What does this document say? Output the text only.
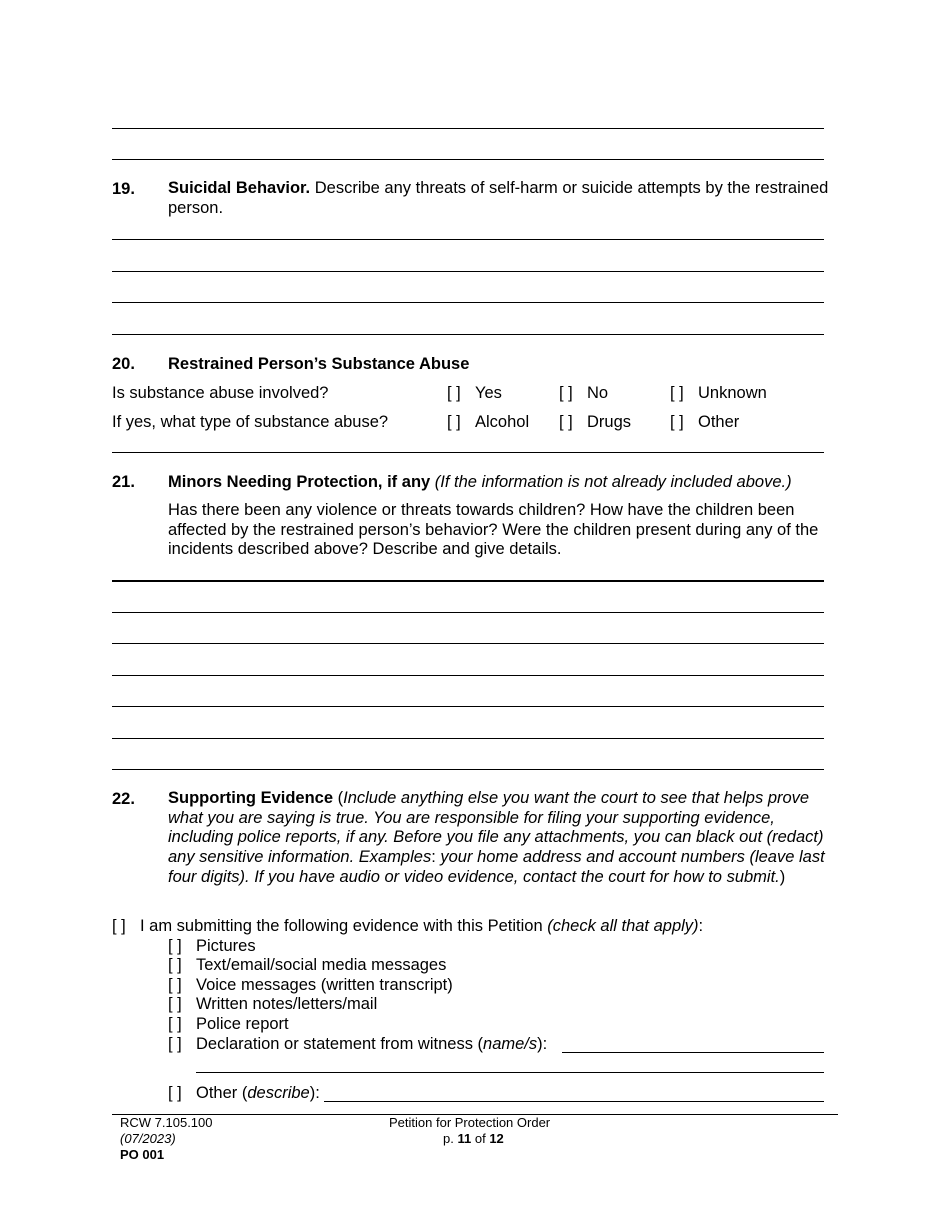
19. Suicidal Behavior. Describe any threats of self-harm or suicide attempts by the restrained person.
20. Restrained Person’s Substance Abuse
Is substance abuse involved?	[ ] Yes	[ ] No	[ ] Unknown
If yes, what type of substance abuse?	[ ] Alcohol [ ] Drugs [ ] Other
21. Minors Needing Protection, if any (If the information is not already included above.)
Has there been any violence or threats towards children? How have the children been affected by the restrained person’s behavior? Were the children present during any of the incidents described above? Describe and give details.
22. Supporting Evidence (Include anything else you want the court to see that helps prove what you are saying is true. You are responsible for filing your supporting evidence, including police reports, if any. Before you file any attachments, you can black out (redact) any sensitive information. Examples: your home address and account numbers (leave last four digits). If you have audio or video evidence, contact the court for how to submit.)
[ ] I am submitting the following evidence with this Petition (check all that apply):
[ ] Pictures
[ ] Text/email/social media messages
[ ] Voice messages (written transcript)
[ ] Written notes/letters/mail
[ ] Police report
[ ] Declaration or statement from witness (name/s):
[ ] Other (describe):
RCW 7.105.100
(07/2023)
PO 001
Petition for Protection Order
p. 11 of 12
